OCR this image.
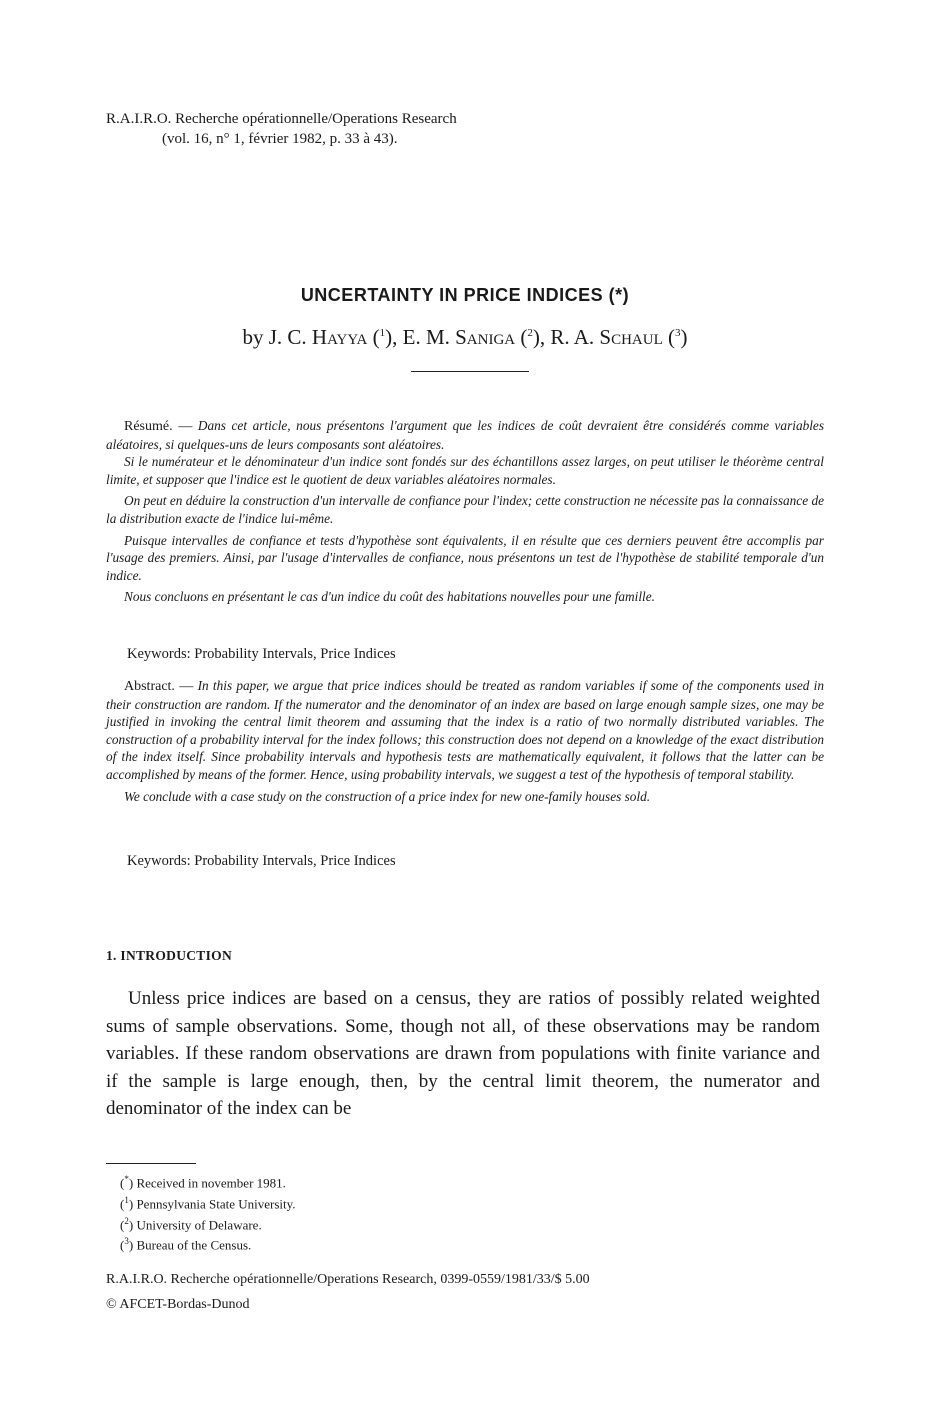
R.A.I.R.O. Recherche opérationnelle/Operations Research
(vol. 16, n° 1, février 1982, p. 33 à 43).
UNCERTAINTY IN PRICE INDICES (*)
by J. C. Hayya ($^1$), E. M. Saniga ($^2$), R. A. Schaul ($^3$)

Résumé. — Dans cet article, nous présentons l'argument que les indices de coût devraient être considérés comme variables aléatoires, si quelques-uns de leurs composants sont aléatoires.

Si le numérateur et le dénominateur d'un indice sont fondés sur des échantillons assez larges, on peut utiliser le théorème central limite, et supposer que l'indice est le quotient de deux variables aléatoires normales.

On peut en déduire la construction d'un intervalle de confiance pour l'index; cette construction ne nécessite pas la connaissance de la distribution exacte de l'indice lui-même.

Puisque intervalles de confiance et tests d'hypothèse sont équivalents, il en résulte que ces derniers peuvent être accomplis par l'usage des premiers. Ainsi, par l'usage d'intervalles de confiance, nous présentons un test de l'hypothèse de stabilité temporale d'un indice.

Nous concluons en présentant le cas d'un indice du coût des habitations nouvelles pour une famille.

Keywords: Probability Intervals, Price Indices

Abstract. — In this paper, we argue that price indices should be treated as random variables if some of the components used in their construction are random. If the numerator and the denominator of an index are based on large enough sample sizes, one may be justified in invoking the central limit theorem and assuming that the index is a ratio of two normally distributed variables. The construction of a probability interval for the index follows; this construction does not depend on a knowledge of the exact distribution of the index itself. Since probability intervals and hypothesis tests are mathematically equivalent, it follows that the latter can be accomplished by means of the former. Hence, using probability intervals, we suggest a test of the hypothesis of temporal stability.

We conclude with a case study on the construction of a price index for new one-family houses sold.

Keywords: Probability Intervals, Price Indices
1. INTRODUCTION

Unless price indices are based on a census, they are ratios of possibly related weighted sums of sample observations. Some, though not all, of these observations may be random variables. If these random observations are drawn from populations with finite variance and if the sample is large enough, then, by the central limit theorem, the numerator and denominator of the index can be

(*) Received in november 1981.
($^1$) Pennsylvania State University.
($^2$) University of Delaware.
($^3$) Bureau of the Census.
R.A.I.R.O. Recherche opérationnelle/Operations Research, 0399-0559/1981/33/$ 5.00
© AFCET-Bordas-Dunod
